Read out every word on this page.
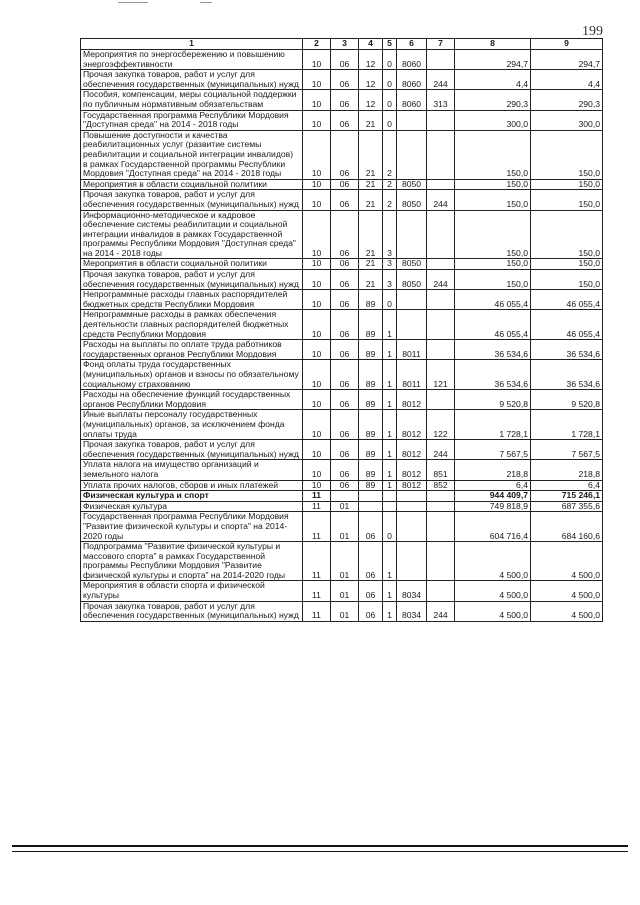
199
1	2	3	4	5	6	7	8	9
Мероприятия по энергосбережению и повышению энергоэффективности	10	06	12	0	8060		294,7	294,7
Прочая закупка товаров, работ и услуг для обеспечения государственных (муниципальных) нужд	10	06	12	0	8060	244	4,4	4,4
Пособия, компенсации, меры социальной поддержки по публичным нормативным обязательствам	10	06	12	0	8060	313	290,3	290,3
Государственная программа Республики Мордовия "Доступная среда" на 2014 - 2018 годы	10	06	21	0			300,0	300,0
Повышение доступности и качества реабилитационных услуг (развитие системы реабилитации и социальной интеграции инвалидов) в рамках Государственной программы Республики Мордовия "Доступная среда" на 2014 - 2018 годы	10	06	21	2			150,0	150,0
Мероприятия в области социальной политики	10	06	21	2	8050		150,0	150,0
Прочая закупка товаров, работ и услуг для обеспечения государственных (муниципальных) нужд	10	06	21	2	8050	244	150,0	150,0
Информационно-методическое и кадровое обеспечение системы реабилитации и социальной интеграции инвалидов в рамках Государственной программы Республики Мордовия "Доступная среда" на 2014 - 2018 годы	10	06	21	3			150,0	150,0
Мероприятия в области социальной политики	10	06	21	3	8050		150,0	150,0
Прочая закупка товаров, работ и услуг для обеспечения государственных (муниципальных) нужд	10	06	21	3	8050	244	150,0	150,0
Непрограммные расходы главных распорядителей бюджетных средств Республики Мордовия	10	06	89	0			46 055,4	46 055,4
Непрограммные расходы в рамках обеспечения деятельности главных распорядителей бюджетных средств Республики Мордовия	10	06	89	1			46 055,4	46 055,4
Расходы на выплаты по оплате труда работников государственных органов Республики Мордовия	10	06	89	1	8011		36 534,6	36 534,6
Фонд оплаты труда государственных (муниципальных) органов и взносы по обязательному социальному страхованию	10	06	89	1	8011	121	36 534,6	36 534,6
Расходы на обеспечение функций государственных органов Республики Мордовия	10	06	89	1	8012		9 520,8	9 520,8
Иные выплаты персоналу государственных (муниципальных) органов, за исключением фонда оплаты труда	10	06	89	1	8012	122	1 728,1	1 728,1
Прочая закупка товаров, работ и услуг для обеспечения государственных (муниципальных) нужд	10	06	89	1	8012	244	7 567,5	7 567,5
Уплата налога на имущество организаций и земельного налога	10	06	89	1	8012	851	218,8	218,8
Уплата прочих налогов, сборов и иных платежей	10	06	89	1	8012	852	6,4	6,4
Физическая культура и спорт	11						944 409,7	715 246,1
Физическая культура	11	01					749 818,9	687 355,6
Государственная программа Республики Мордовия "Развитие физической культуры и спорта" на 2014-2020 годы	11	01	06	0			604 716,4	684 160,6
Подпрограмма "Развитие физической культуры и массового спорта" в рамках Государственной программы Республики Мордовия "Развитие физической культуры и спорта" на 2014-2020 годы	11	01	06	1			4 500,0	4 500,0
Мероприятия в области спорта и физической культуры	11	01	06	1	8034		4 500,0	4 500,0
Прочая закупка товаров, работ и услуг для обеспечения государственных (муниципальных) нужд	11	01	06	1	8034	244	4 500,0	4 500,0
